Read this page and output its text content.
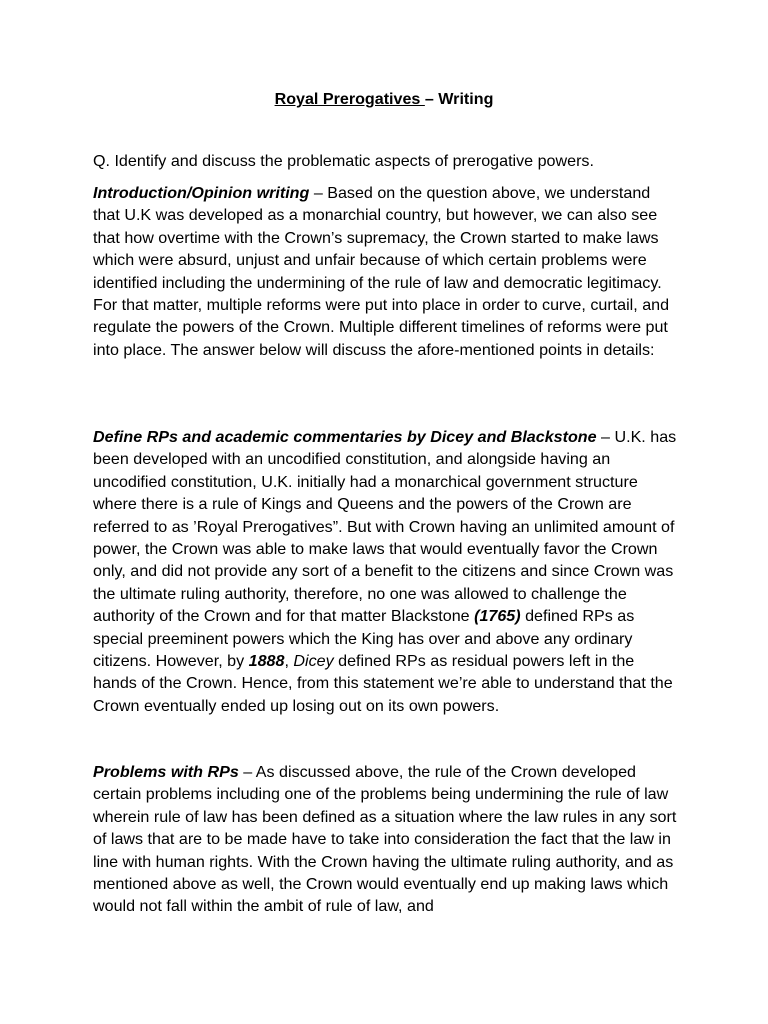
Royal Prerogatives – Writing

Q. Identify and discuss the problematic aspects of prerogative powers.

Introduction/Opinion writing – Based on the question above, we understand that U.K was developed as a monarchial country, but however, we can also see that how overtime with the Crown’s supremacy, the Crown started to make laws which were absurd, unjust and unfair because of which certain problems were identified including the undermining of the rule of law and democratic legitimacy. For that matter, multiple reforms were put into place in order to curve, curtail, and regulate the powers of the Crown. Multiple different timelines of reforms were put into place. The answer below will discuss the afore-mentioned points in details:

Define RPs and academic commentaries by Dicey and Blackstone – U.K. has been developed with an uncodified constitution, and alongside having an uncodified constitution, U.K. initially had a monarchical government structure where there is a rule of Kings and Queens and the powers of the Crown are referred to as ’Royal Prerogatives”. But with Crown having an unlimited amount of power, the Crown was able to make laws that would eventually favor the Crown only, and did not provide any sort of a benefit to the citizens and since Crown was the ultimate ruling authority, therefore, no one was allowed to challenge the authority of the Crown and for that matter Blackstone (1765) defined RPs as special preeminent powers which the King has over and above any ordinary citizens. However, by 1888, Dicey defined RPs as residual powers left in the hands of the Crown. Hence, from this statement we’re able to understand that the Crown eventually ended up losing out on its own powers.

Problems with RPs – As discussed above, the rule of the Crown developed certain problems including one of the problems being undermining the rule of law wherein rule of law has been defined as a situation where the law rules in any sort of laws that are to be made have to take into consideration the fact that the law in line with human rights. With the Crown having the ultimate ruling authority, and as mentioned above as well, the Crown would eventually end up making laws which would not fall within the ambit of rule of law, and
